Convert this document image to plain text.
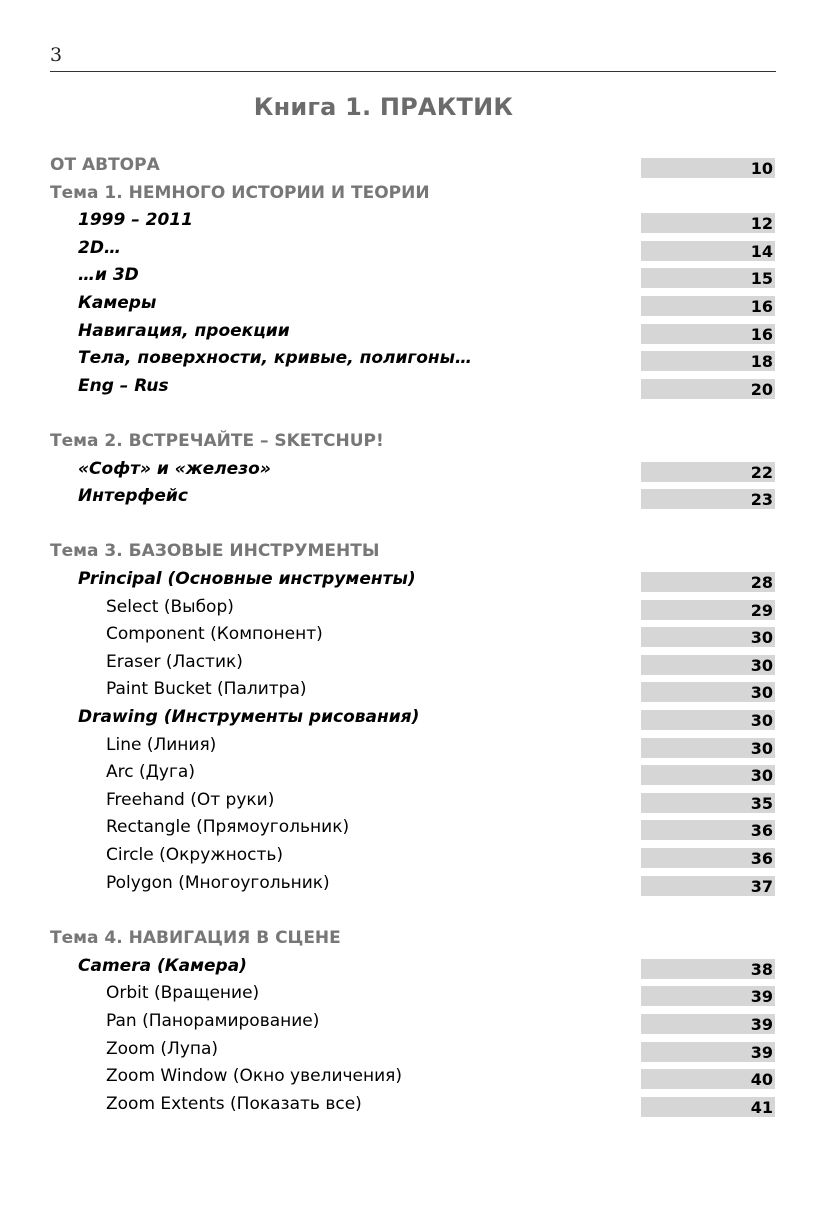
3
Книга 1. ПРАКТИК
ОТ АВТОРА	10
Тема 1. НЕМНОГО ИСТОРИИ И ТЕОРИИ
1999 – 2011	12
2D…	14
…и 3D	15
Камеры	16
Навигация, проекции	16
Тела, поверхности, кривые, полигоны…	18
Eng – Rus	20
Тема 2. ВСТРЕЧАЙТЕ – SKETCHUP!
«Софт» и «железо»	22
Интерфейс	23
Тема 3. БАЗОВЫЕ ИНСТРУМЕНТЫ
Principal (Основные инструменты)	28
Select (Выбор)	29
Component (Компонент)	30
Eraser (Ластик)	30
Paint Bucket (Палитра)	30
Drawing (Инструменты рисования)	30
Line (Линия)	30
Arc (Дуга)	30
Freehand (От руки)	35
Rectangle (Прямоугольник)	36
Circle (Окружность)	36
Polygon (Многоугольник)	37
Тема 4. НАВИГАЦИЯ В СЦЕНЕ
Camera (Камера)	38
Orbit (Вращение)	39
Pan (Панорамирование)	39
Zoom (Лупа)	39
Zoom Window (Окно увеличения)	40
Zoom Extents (Показать все)	41
